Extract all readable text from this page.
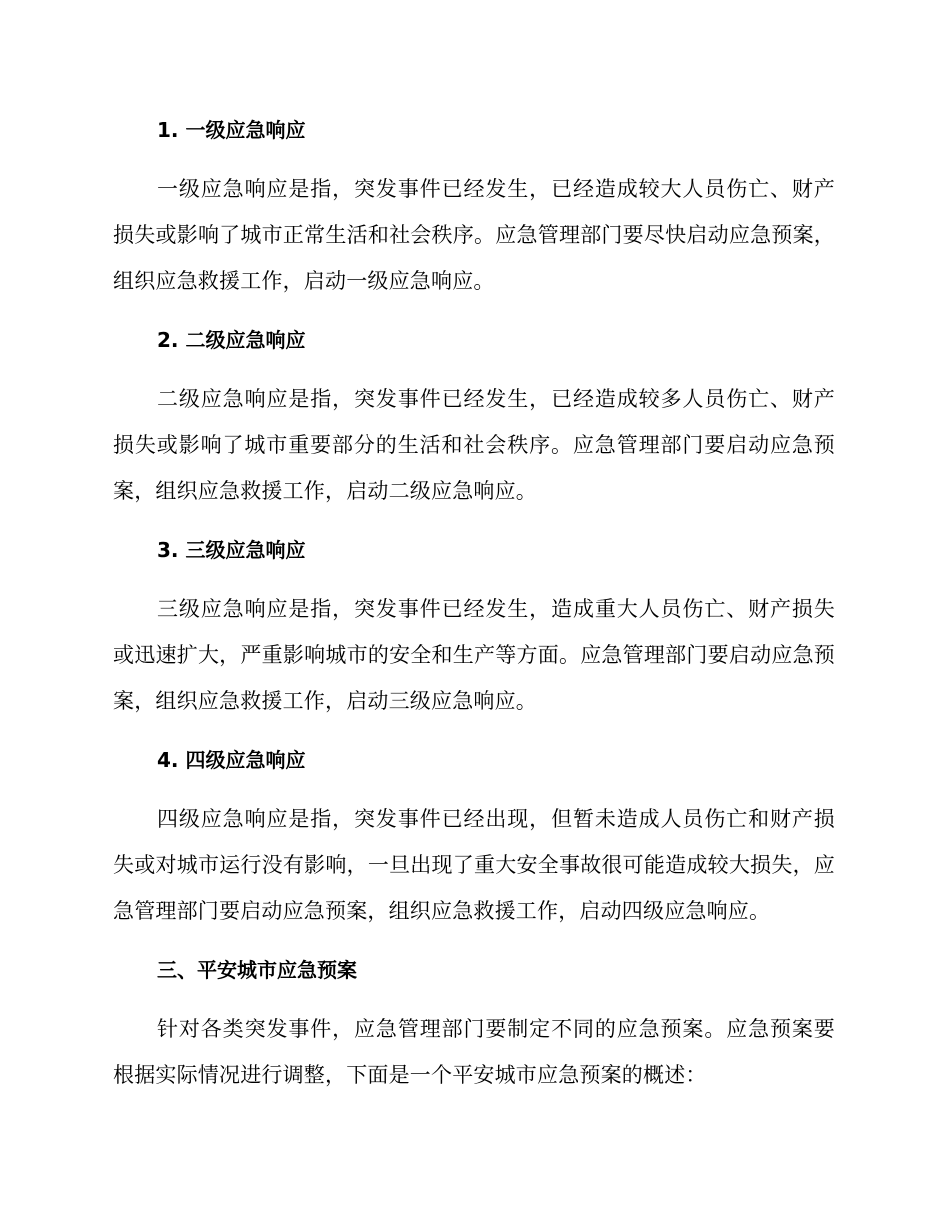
1. 一级应急响应

一级应急响应是指，突发事件已经发生，已经造成较大人员伤亡、财产损失或影响了城市正常生活和社会秩序。应急管理部门要尽快启动应急预案，组织应急救援工作，启动一级应急响应。

2. 二级应急响应

二级应急响应是指，突发事件已经发生，已经造成较多人员伤亡、财产损失或影响了城市重要部分的生活和社会秩序。应急管理部门要启动应急预案，组织应急救援工作，启动二级应急响应。

3. 三级应急响应

三级应急响应是指，突发事件已经发生，造成重大人员伤亡、财产损失或迅速扩大，严重影响城市的安全和生产等方面。应急管理部门要启动应急预案，组织应急救援工作，启动三级应急响应。

4. 四级应急响应

四级应急响应是指，突发事件已经出现，但暂未造成人员伤亡和财产损失或对城市运行没有影响，一旦出现了重大安全事故很可能造成较大损失，应急管理部门要启动应急预案，组织应急救援工作，启动四级应急响应。

三、平安城市应急预案

针对各类突发事件，应急管理部门要制定不同的应急预案。应急预案要根据实际情况进行调整，下面是一个平安城市应急预案的概述：
